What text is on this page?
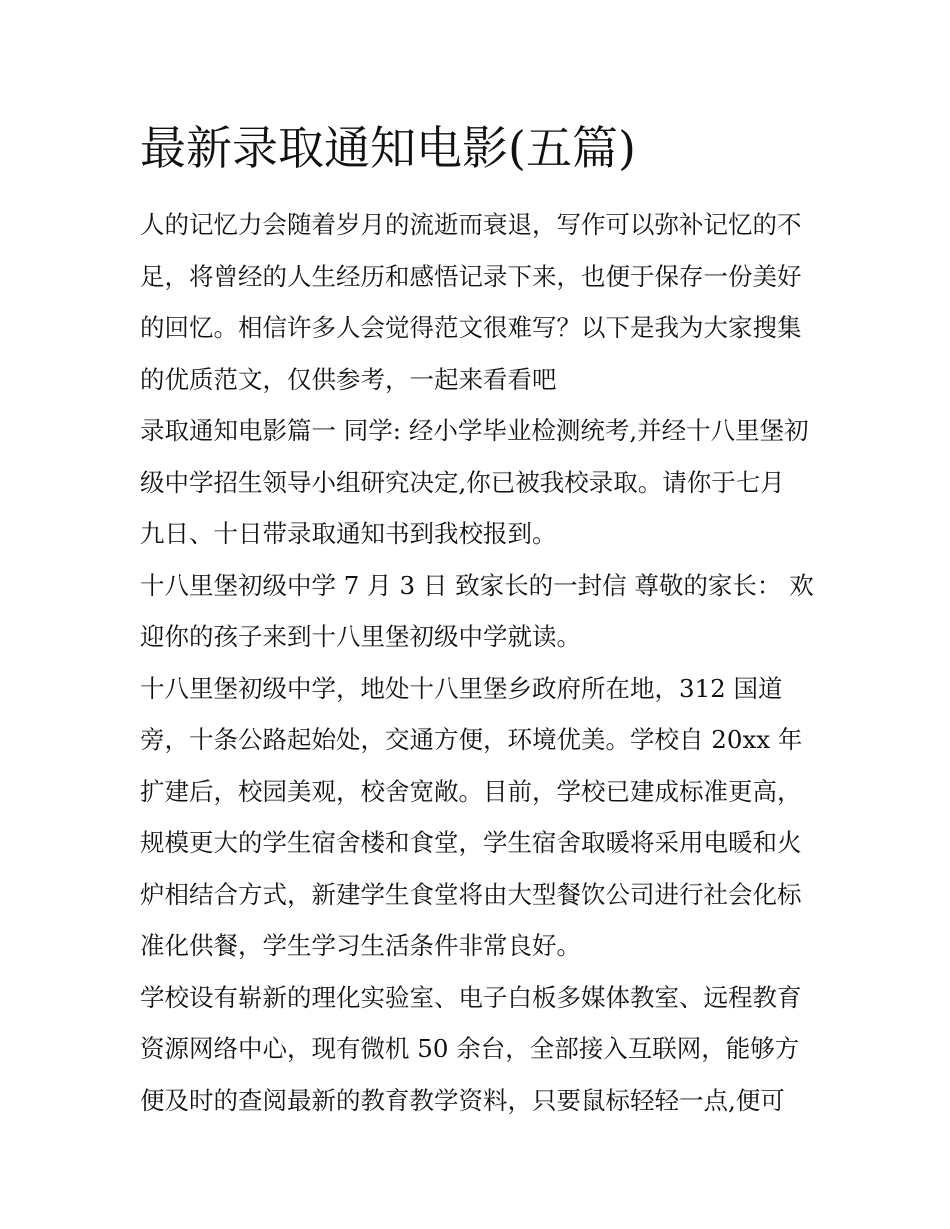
最新录取通知电影(五篇)

人的记忆力会随着岁月的流逝而衰退，写作可以弥补记忆的不

足，将曾经的人生经历和感悟记录下来，也便于保存一份美好

的回忆。相信许多人会觉得范文很难写？以下是我为大家搜集

的优质范文，仅供参考，一起来看看吧

录取通知电影篇一 同学: 经小学毕业检测统考,并经十八里堡初

级中学招生领导小组研究决定,你已被我校录取。请你于七月

九日、十日带录取通知书到我校报到。

十八里堡初级中学 7 月 3 日 致家长的一封信 尊敬的家长： 欢

迎你的孩子来到十八里堡初级中学就读。

十八里堡初级中学，地处十八里堡乡政府所在地，312 国道

旁，十条公路起始处，交通方便，环境优美。学校自 20xx 年

扩建后，校园美观，校舍宽敞。目前，学校已建成标准更高，

规模更大的学生宿舍楼和食堂，学生宿舍取暖将采用电暖和火

炉相结合方式，新建学生食堂将由大型餐饮公司进行社会化标

准化供餐，学生学习生活条件非常良好。

学校设有崭新的理化实验室、电子白板多媒体教室、远程教育

资源网络中心，现有微机 50 余台，全部接入互联网，能够方

便及时的查阅最新的教育教学资料，只要鼠标轻轻一点,便可
